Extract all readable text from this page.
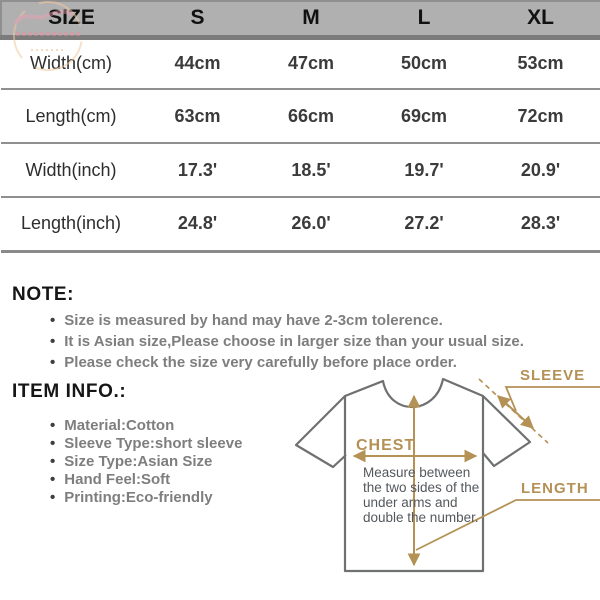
SIZE	S	M	L	XL
Width(cm)	44cm	47cm	50cm	53cm
Length(cm)	63cm	66cm	69cm	72cm
Width(inch)	17.3'	18.5'	19.7'	20.9'
Length(inch)	24.8'	26.0'	27.2'	28.3'
NOTE:
• Size is measured by hand may have 2-3cm tolerence.
• It is Asian size,Please choose in larger size than your usual size.
• Please check the size very carefully before place order.
ITEM INFO.:
• Material:Cotton
• Sleeve Type:short sleeve
• Size Type:Asian Size
• Hand Feel:Soft
• Printing:Eco-friendly
SLEEVE
CHEST
LENGTH
Measure between the two sides of the under arms and double the number.
